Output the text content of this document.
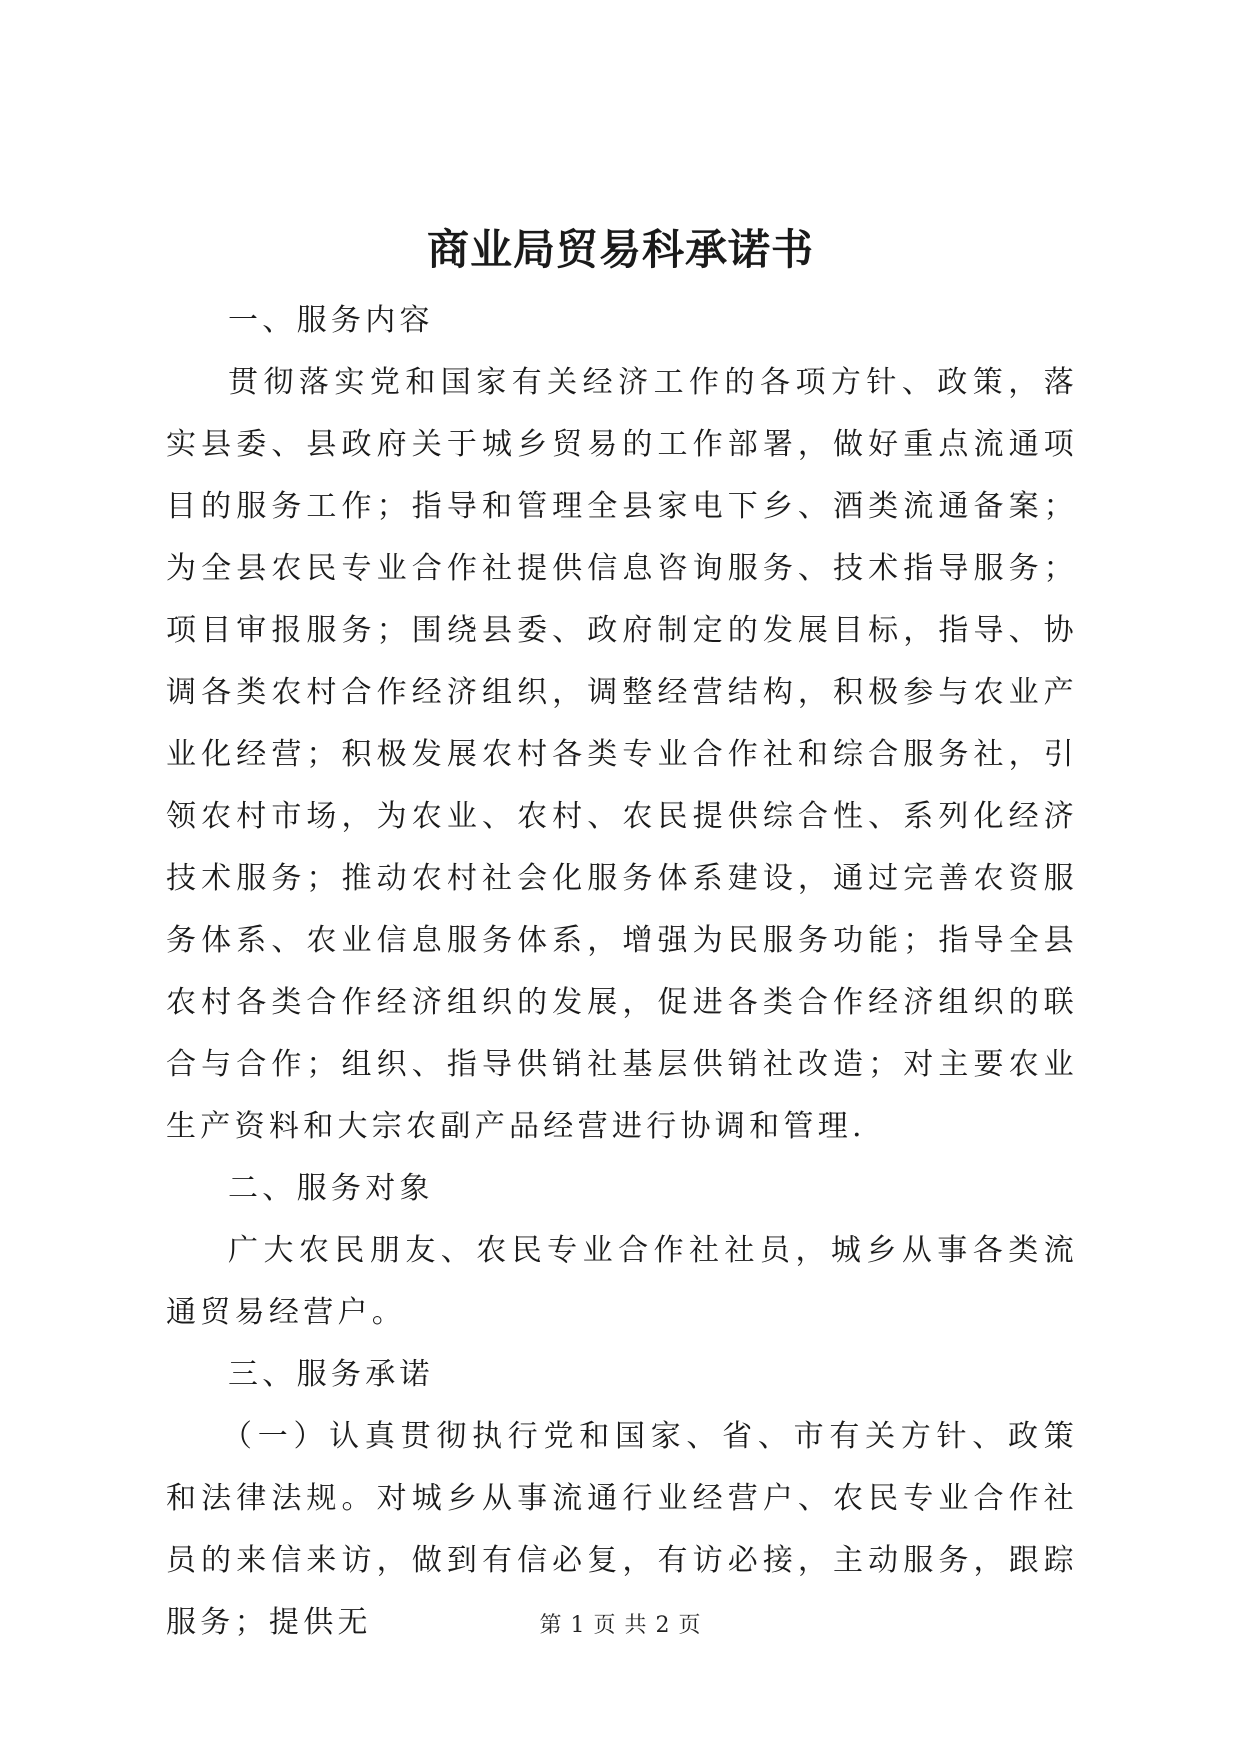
商业局贸易科承诺书

一、服务内容

贯彻落实党和国家有关经济工作的各项方针、政策，落实县委、县政府关于城乡贸易的工作部署，做好重点流通项目的服务工作；指导和管理全县家电下乡、酒类流通备案；为全县农民专业合作社提供信息咨询服务、技术指导服务；项目审报服务；围绕县委、政府制定的发展目标，指导、协调各类农村合作经济组织，调整经营结构，积极参与农业产业化经营；积极发展农村各类专业合作社和综合服务社，引领农村市场，为农业、农村、农民提供综合性、系列化经济技术服务；推动农村社会化服务体系建设，通过完善农资服务体系、农业信息服务体系，增强为民服务功能；指导全县农村各类合作经济组织的发展，促进各类合作经济组织的联合与合作；组织、指导供销社基层供销社改造；对主要农业生产资料和大宗农副产品经营进行协调和管理.

二、服务对象

广大农民朋友、农民专业合作社社员，城乡从事各类流通贸易经营户。

三、服务承诺

（一）认真贯彻执行党和国家、省、市有关方针、政策和法律法规。对城乡从事流通行业经营户、农民专业合作社员的来信来访，做到有信必复，有访必接，主动服务，跟踪服务；提供无	第 1 页 共 2 页
